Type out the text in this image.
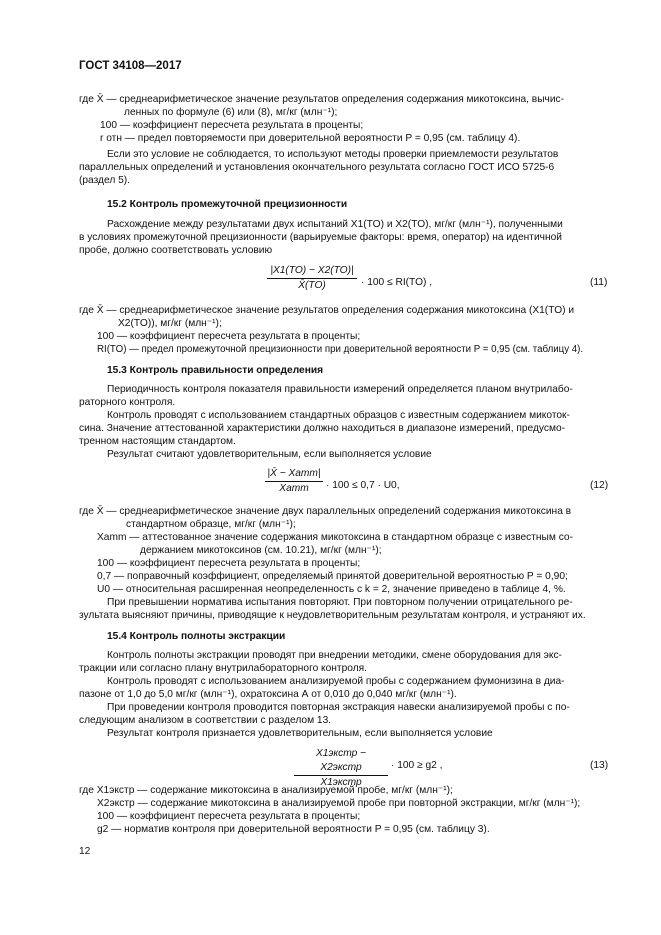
ГОСТ 34108—2017
где X̄ — среднеарифметическое значение результатов определения содержания микотоксина, вычис-
ленных по формуле (6) или (8), мг/кг (млн⁻¹);
100 — коэффициент пересчета результата в проценты;
r отн — предел повторяемости при доверительной вероятности P = 0,95 (см. таблицу 4).
Если это условие не соблюдается, то используют методы проверки приемлемости результатов
параллельных определений и установления окончательного результата согласно ГОСТ ИСО 5725-6
(раздел 5).
15.2 Контроль промежуточной прецизионности
Расхождение между результатами двух испытаний X1(TO) и X2(TO), мг/кг (млн⁻¹), полученными
в условиях промежуточной прецизионности (варьируемые факторы: время, оператор) на идентичной
пробе, должно соответствовать условию
|X1(TO) − X2(TO)|
X̄(TO)	· 100 ≤ RI(TO) ,	(11)
где X̄ — среднеарифметическое значение результатов определения содержания микотоксина (X1(TO) и
X2(TO)), мг/кг (млн⁻¹);
100 — коэффициент пересчета результата в проценты;
RI(TO) — предел промежуточной прецизионности при доверительной вероятности P = 0,95 (см. таблицу 4).
15.3 Контроль правильности определения
Периодичность контроля показателя правильности измерений определяется планом внутрилабо-
раторного контроля.
Контроль проводят с использованием стандартных образцов с известным содержанием микоток-
сина. Значение аттестованной характеристики должно находиться в диапазоне измерений, предусмо-
тренном настоящим стандартом.
Результат считают удовлетворительным, если выполняется условие
|X̄ − Xamm|
Xamm	· 100 ≤ 0,7 · U0,	(12)
где X̄ — среднеарифметическое значение двух параллельных определений содержания микотоксина в
стандартном образце, мг/кг (млн⁻¹);
Xamm — аттестованное значение содержания микотоксина в стандартном образце с известным со-
держанием микотоксинов (см. 10.21), мг/кг (млн⁻¹);
100 — коэффициент пересчета результата в проценты;
0,7 — поправочный коэффициент, определяемый принятой доверительной вероятностью P = 0,90;
U0 — относительная расширенная неопределенность с k = 2, значение приведено в таблице 4, %.
При превышении норматива испытания повторяют. При повторном получении отрицательного ре-
зультата выясняют причины, приводящие к неудовлетворительным результатам контроля, и устраняют их.
15.4 Контроль полноты экстракции
Контроль полноты экстракции проводят при внедрении методики, смене оборудования для экс-
тракции или согласно плану внутрилабораторного контроля.
Контроль проводят с использованием анализируемой пробы с содержанием фумонизина в диа-
пазоне от 1,0 до 5,0 мг/кг (млн⁻¹), охратоксина А от 0,010 до 0,040 мг/кг (млн⁻¹).
При проведении контроля проводится повторная экстракция навески анализируемой пробы с по-
следующим анализом в соответствии с разделом 13.
Результат контроля признается удовлетворительным, если выполняется условие
X1экстр − X2экстр
X1экстр
· 100 ≥ g2 ,	(13)
где X1экстр — содержание микотоксина в анализируемой пробе, мг/кг (млн⁻¹);
X2экстр — содержание микотоксина в анализируемой пробе при повторной экстракции, мг/кг (млн⁻¹);
100 — коэффициент пересчета результата в проценты;
g2 — норматив контроля при доверительной вероятности P = 0,95 (см. таблицу 3).
12
